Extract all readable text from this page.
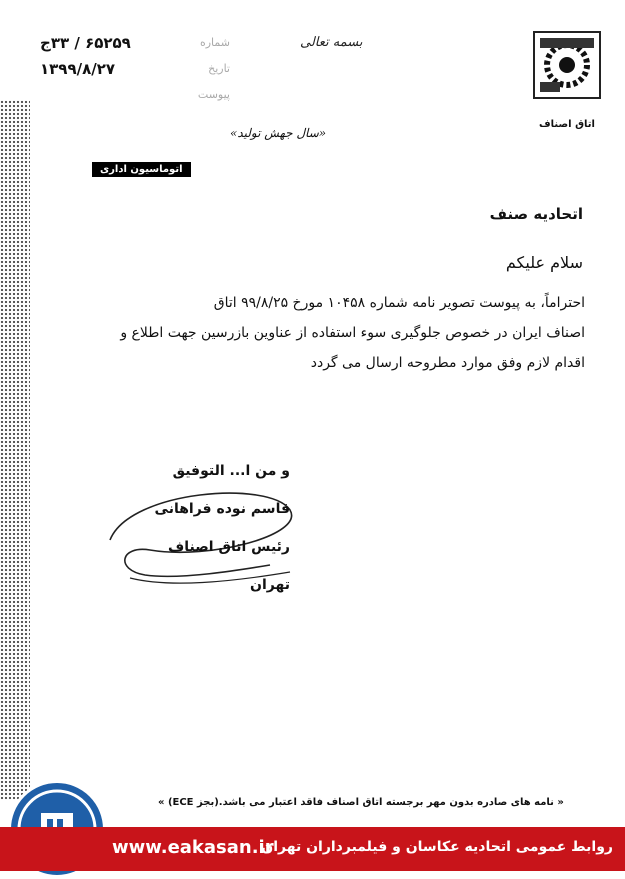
شماره
۶۵۲۵۹ / ۳۳ج
تاریخ
۱۳۹۹/۸/۲۷
پیوست
بسمه تعالی
اتاق اصناف
«سال جهش تولید»
اتوماسیون اداری
اتحادیه صنف
سلام علیکم

احتراماً، به پیوست تصویر نامه شماره ۱۰۴۵۸ مورخ ۹۹/۸/۲۵ اتاق

اصناف ایران در خصوص جلوگیری سوء استفاده از عناوین بازرسین جهت اطلاع و

اقدام لازم وفق موارد مطروحه ارسال می گردد

و من ا... التوفیق
قاسم نوده فراهانی
رئیس اتاق اصناف تهران
« نامه های صادره بدون مهر برجسته اتاق اصناف فاقد اعتبار می باشد.(بجز ECE) »
www.eakasan.ir
روابط عمومی اتحادیه عکاسان و فیلمبرداران تهران
